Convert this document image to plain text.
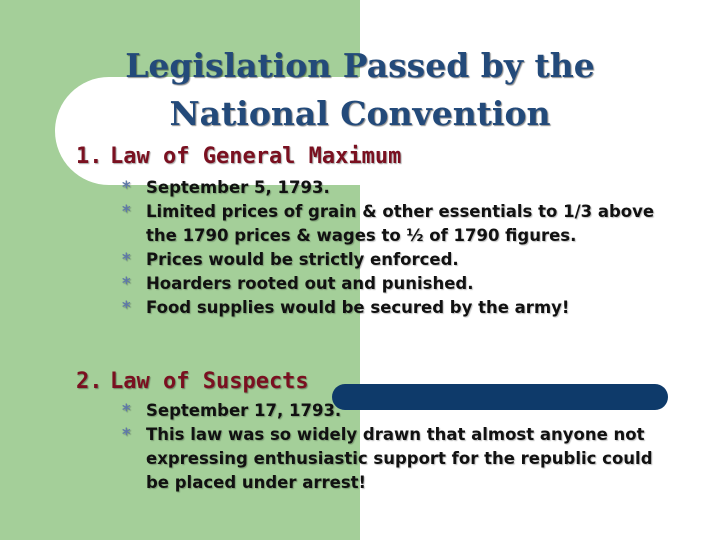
Legislation Passed by the
National Convention
1. Law of General Maximum
* September 5, 1793.
* Limited prices of grain & other essentials to 1/3 above the 1790 prices & wages to ½ of 1790 figures.
* Prices would be strictly enforced.
* Hoarders rooted out and punished.
* Food supplies would be secured by the army!
2. Law of Suspects
* September 17, 1793.
* This law was so widely drawn that almost anyone not expressing enthusiastic support for the republic could be placed under arrest!
